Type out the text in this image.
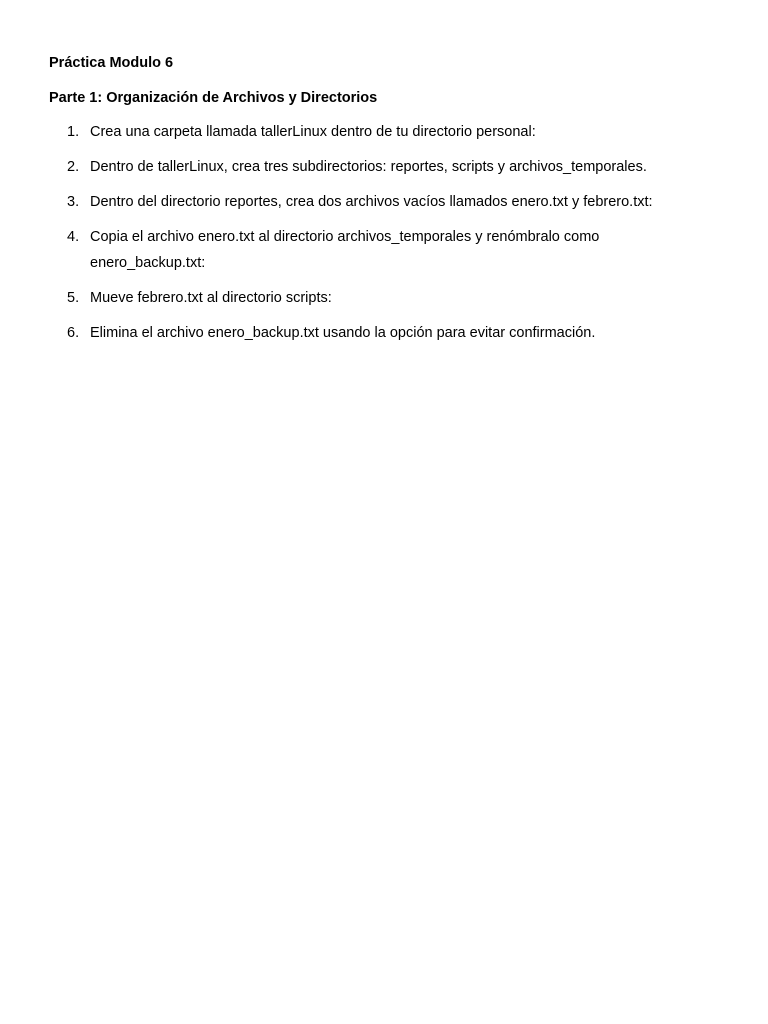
Práctica Modulo 6
Parte 1: Organización de Archivos y Directorios
1. Crea una carpeta llamada tallerLinux dentro de tu directorio personal:
2. Dentro de tallerLinux, crea tres subdirectorios: reportes, scripts y archivos_temporales.
3. Dentro del directorio reportes, crea dos archivos vacíos llamados enero.txt y febrero.txt:
4. Copia el archivo enero.txt al directorio archivos_temporales y renómbralo como enero_backup.txt:
5. Mueve febrero.txt al directorio scripts:
6. Elimina el archivo enero_backup.txt usando la opción para evitar confirmación.
